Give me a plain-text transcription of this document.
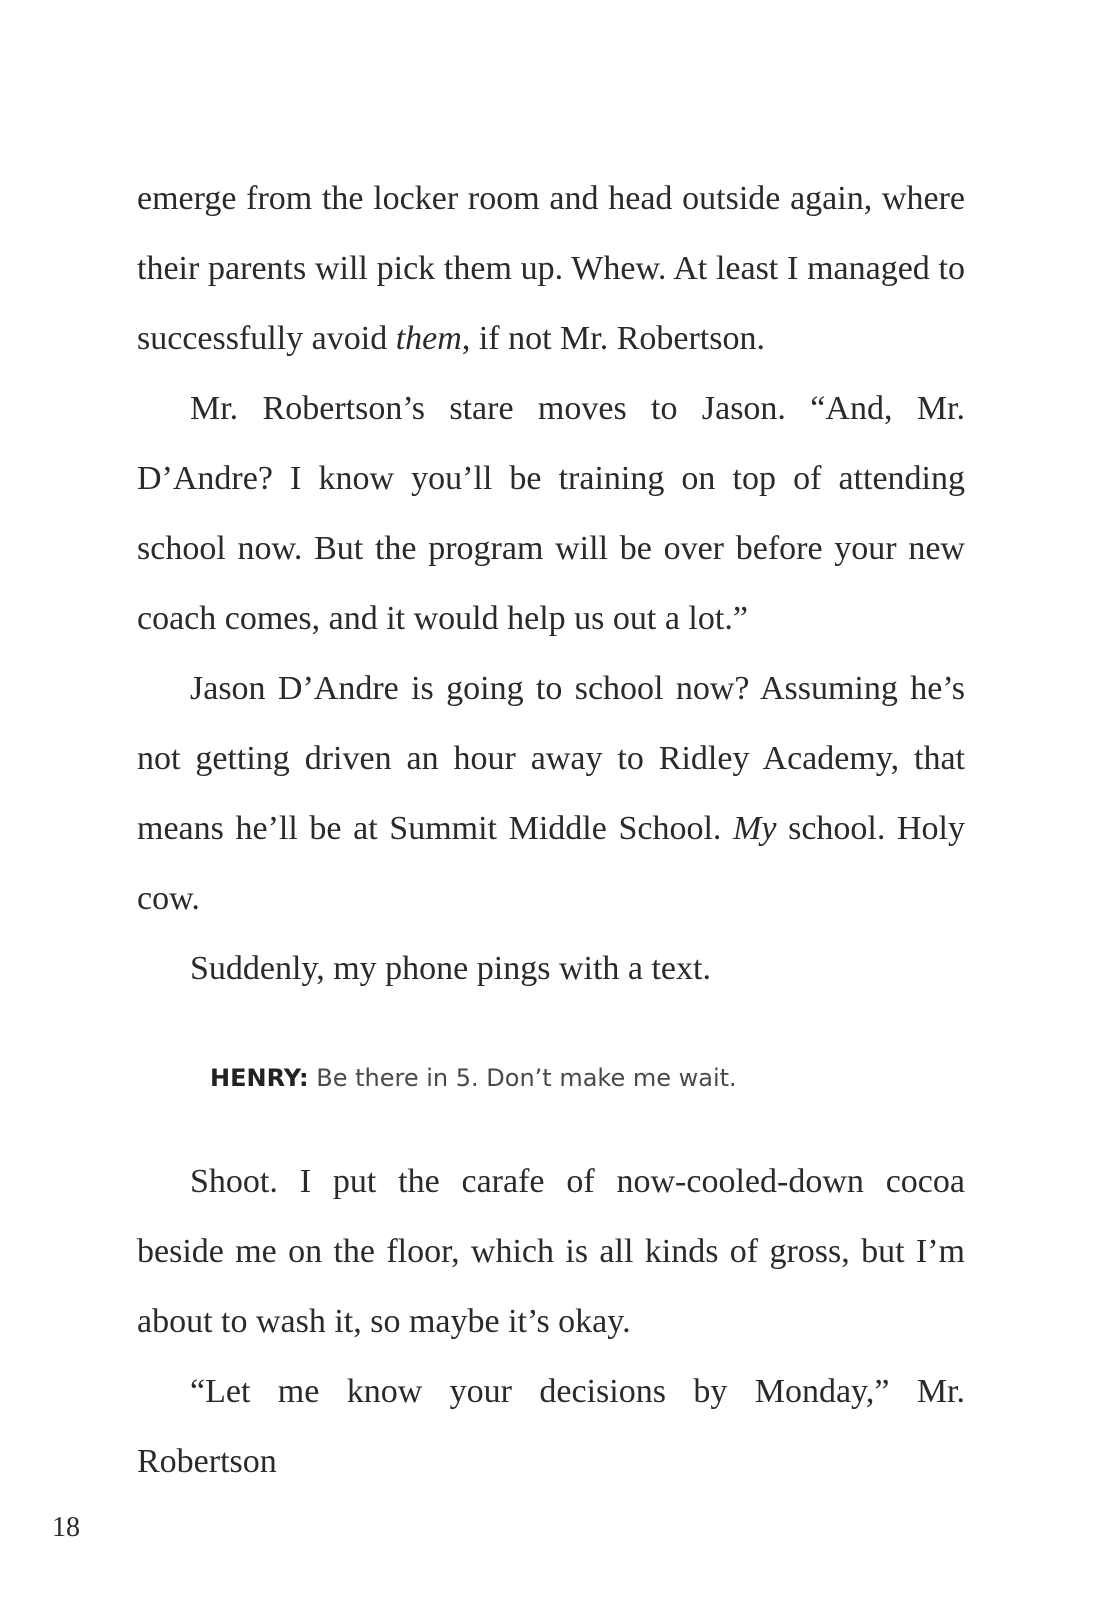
emerge from the locker room and head outside again, where their parents will pick them up. Whew. At least I managed to successfully avoid them, if not Mr. Robertson.

Mr. Robertson’s stare moves to Jason. “And, Mr. D’Andre? I know you’ll be training on top of attending school now. But the program will be over before your new coach comes, and it would help us out a lot.”

Jason D’Andre is going to school now? Assuming he’s not getting driven an hour away to Ridley Academy, that means he’ll be at Summit Middle School. My school. Holy cow.

Suddenly, my phone pings with a text.

HENRY: Be there in 5. Don’t make me wait.

Shoot. I put the carafe of now-cooled-down cocoa beside me on the floor, which is all kinds of gross, but I’m about to wash it, so maybe it’s okay.

“Let me know your decisions by Monday,” Mr. Robertson

18
